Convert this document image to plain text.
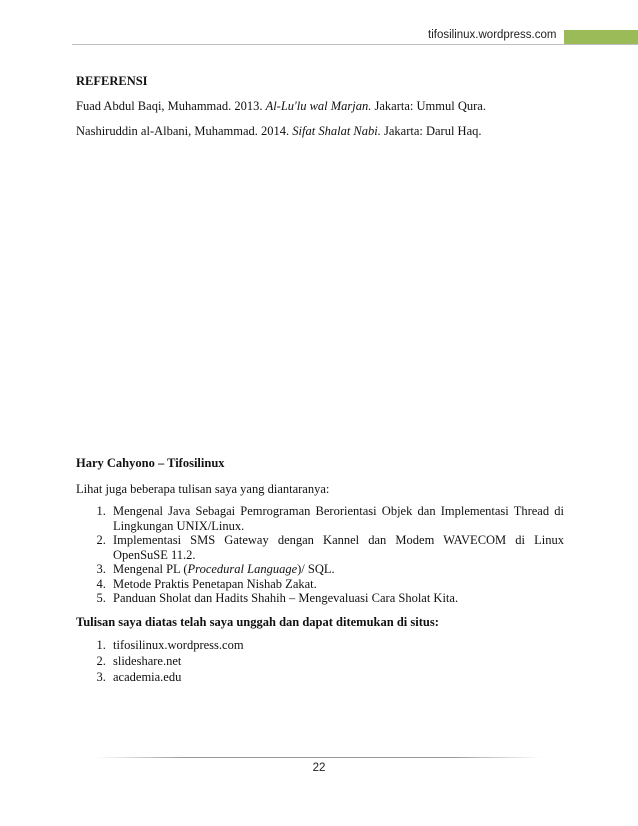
tifosilinux.wordpress.com
REFERENSI

Fuad Abdul Baqi, Muhammad. 2013. Al-Lu'lu wal Marjan. Jakarta: Ummul Qura.

Nashiruddin al-Albani, Muhammad. 2014. Sifat Shalat Nabi. Jakarta: Darul Haq.

Hary Cahyono – Tifosilinux
Lihat juga beberapa tulisan saya yang diantaranya:
1. Mengenal Java Sebagai Pemrograman Berorientasi Objek dan Implementasi Thread di Lingkungan UNIX/Linux.
2. Implementasi SMS Gateway dengan Kannel dan Modem WAVECOM di Linux OpenSuSE 11.2.
3. Mengenal PL (Procedural Language)/ SQL.
4. Metode Praktis Penetapan Nishab Zakat.
5. Panduan Sholat dan Hadits Shahih – Mengevaluasi Cara Sholat Kita.
Tulisan saya diatas telah saya unggah dan dapat ditemukan di situs:
1. tifosilinux.wordpress.com
2. slideshare.net
3. academia.edu
22
